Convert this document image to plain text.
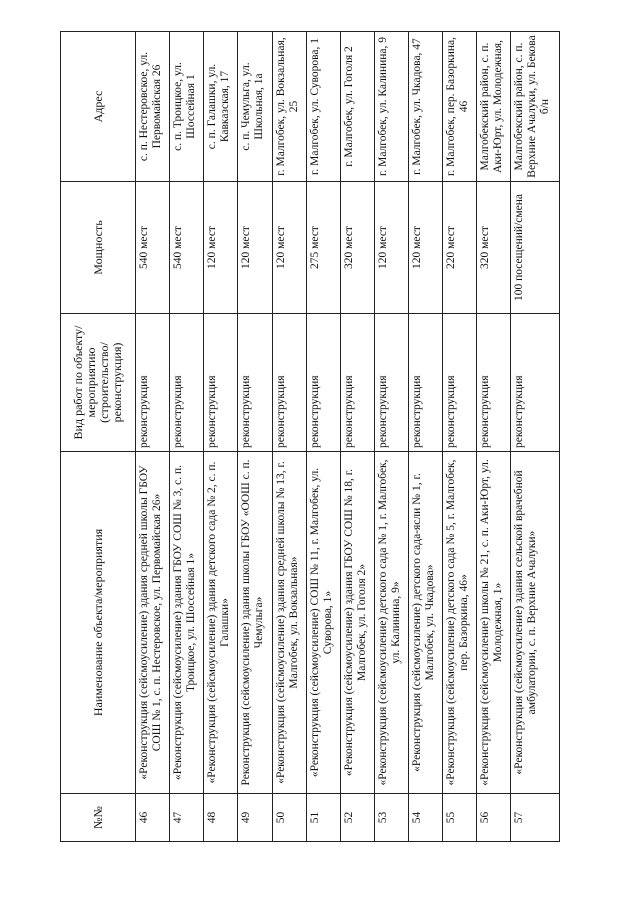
№№	Наименование объекта/мероприятия	Вид работ по объекту/ мероприятию (строительство/ реконструкция)	Мощность	Адрес
46	«Реконструкция (сейсмоусиление) здания средней школы ГБОУ СОШ № 1, с. п. Нестеровское, ул. Первомайская 26»	реконструкция	540 мест	с. п. Нестеровское, ул. Первомайская 26
47	«Реконструкция (сейсмоусиление) здания ГБОУ СОШ № 3, с. п. Троицкое, ул. Шоссейная 1»	реконструкция	540 мест	с. п. Троицкое, ул. Шоссейная 1
48	«Реконструкция (сейсмоусиление) здания детского сада № 2, с. п. Галашки»	реконструкция	120 мест	с. п. Галашки, ул. Кавказская, 17
49	Реконструкция (сейсмоусиление) здания школы ГБОУ «ООШ с. п. Чемульга»	реконструкция	120 мест	с. п. Чемульга, ул. Школьная, 1а
50	«Реконструкция (сейсмоусиление) здания средней школы № 13, г. Малгобек, ул. Вокзальная»	реконструкция	120 мест	г. Малгобек, ул. Вокзальная, 25
51	«Реконструкция (сейсмоусиление) СОШ № 11, г. Малгобек, ул. Суворова, 1»	реконструкция	275 мест	г. Малгобек, ул. Суворова, 1
52	«Реконструкция (сейсмоусиление) здания ГБОУ СОШ № 18, г. Малгобек, ул. Гоголя 2»	реконструкция	320 мест	г. Малгобек, ул. Гоголя 2
53	«Реконструкция (сейсмоусиление) детского сада № 1, г. Малгобек, ул. Калинина, 9»	реконструкция	120 мест	г. Малгобек, ул. Калинина, 9
54	«Реконструкция (сейсмоусиление) детского сада-ясли № 1, г. Малгобек, ул. Чкадова»	реконструкция	120 мест	г. Малгобек, ул. Чкадова, 47
55	«Реконструкция (сейсмоусиление) детского сада № 5, г. Малгобек, пер. Базоркина, 46»	реконструкция	220 мест	г. Малгобек, пер. Базоркина, 46
56	«Реконструкция (сейсмоусиление) школы № 21, с. п. Аки-Юрт, ул. Молодежная, 1»	реконструкция	320 мест	Малгобекский район, с. п. Аки-Юрт, ул. Молодежная,
57	«Реконструкция (сейсмоусиление) здания сельской врачебной амбулатории, с. п. Верхние Ачалуки»	реконструкция	100 посещений/смена	Малгобекский район, с. п. Верхние Ачалуки, ул. Бекова б/н
